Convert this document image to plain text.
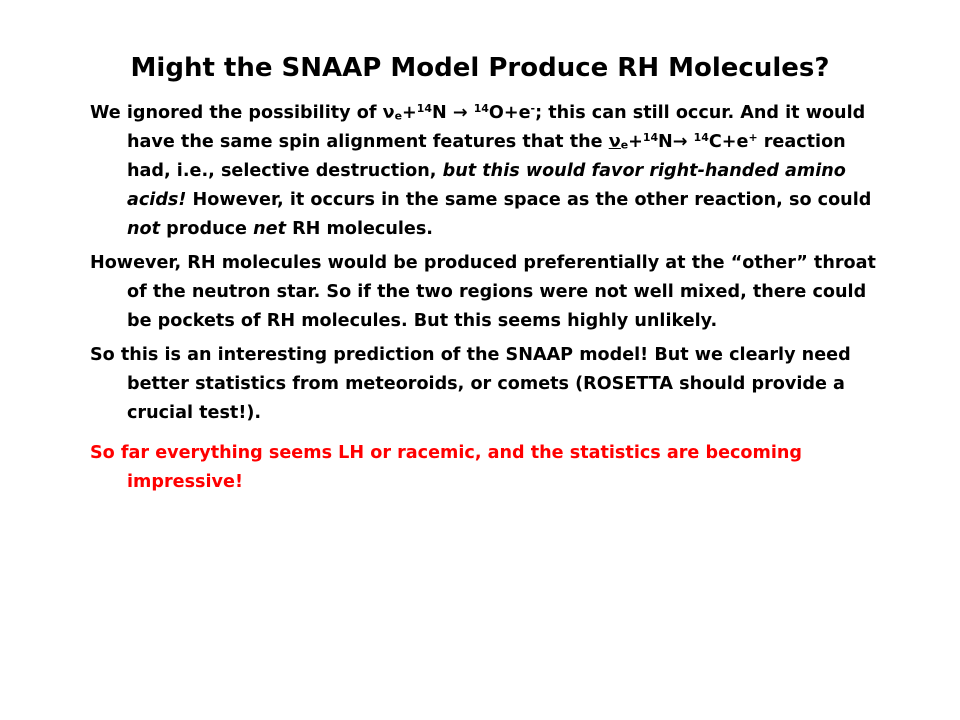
Might the SNAAP Model Produce RH Molecules?

We ignored the possibility of $\nu_e+^{14}N \to ^{14}O+e^-$; this can still occur. And it would have the same spin alignment features that the $\nu_e+^{14}N\to ^{14}C+e^+$ reaction had, i.e., selective destruction, but this would favor right-handed amino acids! However, it occurs in the same space as the other reaction, so could not produce net RH molecules.

However, RH molecules would be produced preferentially at the “other” throat of the neutron star. So if the two regions were not well mixed, there could be pockets of RH molecules. But this seems highly unlikely.

So this is an interesting prediction of the SNAAP model! But we clearly need better statistics from meteoroids, or comets (ROSETTA should provide a crucial test!).

So far everything seems LH or racemic, and the statistics are becoming impressive!
